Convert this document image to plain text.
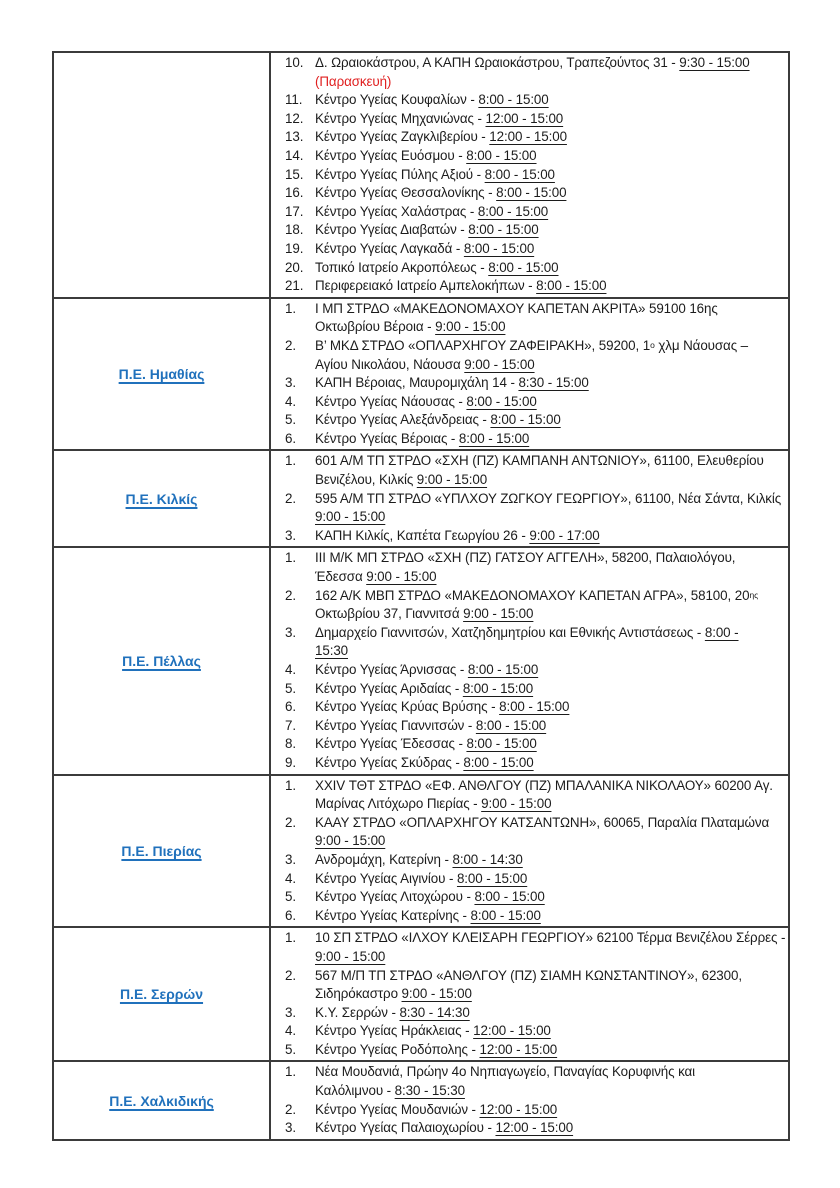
10. Δ. Ωραιοκάστρου, Α ΚΑΠΗ Ωραιοκάστρου, Τραπεζούντος 31 - 9:30 - 15:00
(Παρασκευή)
11. Κέντρο Υγείας Κουφαλίων - 8:00 - 15:00
12. Κέντρο Υγείας Μηχανιώνας - 12:00 - 15:00
13. Κέντρο Υγείας Ζαγκλιβερίου - 12:00 - 15:00
14. Κέντρο Υγείας Ευόσμου - 8:00 - 15:00
15. Κέντρο Υγείας Πύλης Αξιού - 8:00 - 15:00
16. Κέντρο Υγείας Θεσσαλονίκης - 8:00 - 15:00
17. Κέντρο Υγείας Χαλάστρας - 8:00 - 15:00
18. Κέντρο Υγείας Διαβατών - 8:00 - 15:00
19. Κέντρο Υγείας Λαγκαδά - 8:00 - 15:00
20. Τοπικό Ιατρείο Ακροπόλεως - 8:00 - 15:00
21. Περιφερειακό Ιατρείο Αμπελοκήπων - 8:00 - 15:00
Π.Ε. Ημαθίας
1.	Ι ΜΠ ΣΤΡΔΟ «ΜΑΚΕΔΟΝΟΜΑΧΟΥ ΚΑΠΕΤΑΝ ΑΚΡΙΤΑ» 59100 16ης
Οκτωβρίου Βέροια - 9:00 - 15:00
2.	Β’ ΜΚΔ ΣΤΡΔΟ «ΟΠΛΑΡΧΗΓΟΥ ΖΑΦΕΙΡΑΚΗ», 59200, $1^o$ χλμ Νάουσας –
Αγίου Νικολάου, Νάουσα 9:00 - 15:00
3.	ΚΑΠΗ Βέροιας, Μαυρομιχάλη 14 - 8:30 - 15:00
4.	Κέντρο Υγείας Νάουσας - 8:00 - 15:00
5.	Κέντρο Υγείας Αλεξάνδρειας - 8:00 - 15:00
6.	Κέντρο Υγείας Βέροιας - 8:00 - 15:00
Π.Ε. Κιλκίς
1.	601 Α/Μ ΤΠ ΣΤΡΔΟ «ΣΧΗ (ΠΖ) ΚΑΜΠΑΝΗ ΑΝΤΩΝΙΟΥ», 61100, Ελευθερίου
Βενιζέλου, Κιλκίς 9:00 - 15:00
2.	595 Α/Μ ΤΠ ΣΤΡΔΟ «ΥΠΛΧΟΥ ΖΩΓΚΟΥ ΓΕΩΡΓΙΟΥ», 61100, Νέα Σάντα, Κιλκίς
9:00 - 15:00
3.	ΚΑΠΗ Κιλκίς, Καπέτα Γεωργίου 26 - 9:00 - 17:00
Π.Ε. Πέλλας
1.	ΙΙΙ Μ/Κ ΜΠ ΣΤΡΔΟ «ΣΧΗ (ΠΖ) ΓΑΤΣΟΥ ΑΓΓΕΛΗ», 58200, Παλαιολόγου,
Έδεσσα 9:00 - 15:00
2.	162 Α/Κ ΜΒΠ ΣΤΡΔΟ «ΜΑΚΕΔΟΝΟΜΑΧΟΥ ΚΑΠΕΤΑΝ ΑΓΡΑ», 58100, $20^{\eta\varsigma}$
Οκτωβρίου 37, Γιαννιτσά 9:00 - 15:00
3.	Δημαρχείο Γιαννιτσών, Χατζηδημητρίου και Εθνικής Αντιστάσεως - 8:00 -
15:30
4.	Κέντρο Υγείας Άρνισσας - 8:00 - 15:00
5.	Κέντρο Υγείας Αριδαίας - 8:00 - 15:00
6.	Κέντρο Υγείας Κρύας Βρύσης - 8:00 - 15:00
7.	Κέντρο Υγείας Γιαννιτσών - 8:00 - 15:00
8.	Κέντρο Υγείας Έδεσσας - 8:00 - 15:00
9.	Κέντρο Υγείας Σκύδρας - 8:00 - 15:00
Π.Ε. Πιερίας
1.	XXIV ΤΘΤ ΣΤΡΔΟ «ΕΦ. ΑΝΘΛΓΟΥ (ΠΖ) ΜΠΑΛΑΝΙΚΑ ΝΙΚΟΛΑΟΥ» 60200 Αγ.
Μαρίνας Λιτόχωρο Πιερίας - 9:00 - 15:00
2.	ΚΑΑΥ ΣΤΡΔΟ «ΟΠΛΑΡΧΗΓΟΥ ΚΑΤΣΑΝΤΩΝΗ», 60065, Παραλία Πλαταμώνα
9:00 - 15:00
3.	Ανδρομάχη, Κατερίνη - 8:00 - 14:30
4.	Κέντρο Υγείας Αιγινίου - 8:00 - 15:00
5.	Κέντρο Υγείας Λιτοχώρου - 8:00 - 15:00
6.	Κέντρο Υγείας Κατερίνης - 8:00 - 15:00
Π.Ε. Σερρών
1.	10 ΣΠ ΣΤΡΔΟ «ΙΛΧΟΥ ΚΛΕΙΣΑΡΗ ΓΕΩΡΓΙΟΥ» 62100 Τέρμα Βενιζέλου Σέρρες -
9:00 - 15:00
2.	567 Μ/Π ΤΠ ΣΤΡΔΟ «ΑΝΘΛΓΟΥ (ΠΖ) ΣΙΑΜΗ ΚΩΝΣΤΑΝΤΙΝΟΥ», 62300,
Σιδηρόκαστρο 9:00 - 15:00
3.	Κ.Υ. Σερρών - 8:30 - 14:30
4.	Κέντρο Υγείας Ηράκλειας - 12:00 - 15:00
5.	Κέντρο Υγείας Ροδόπολης - 12:00 - 15:00
Π.Ε. Χαλκιδικής
1.	Νέα Μουδανιά, Πρώην 4ο Νηπιαγωγείο, Παναγίας Κορυφινής και
Καλόλιμνου - 8:30 - 15:30
2.	Κέντρο Υγείας Μουδανιών - 12:00 - 15:00
3.	Κέντρο Υγείας Παλαιοχωρίου - 12:00 - 15:00
